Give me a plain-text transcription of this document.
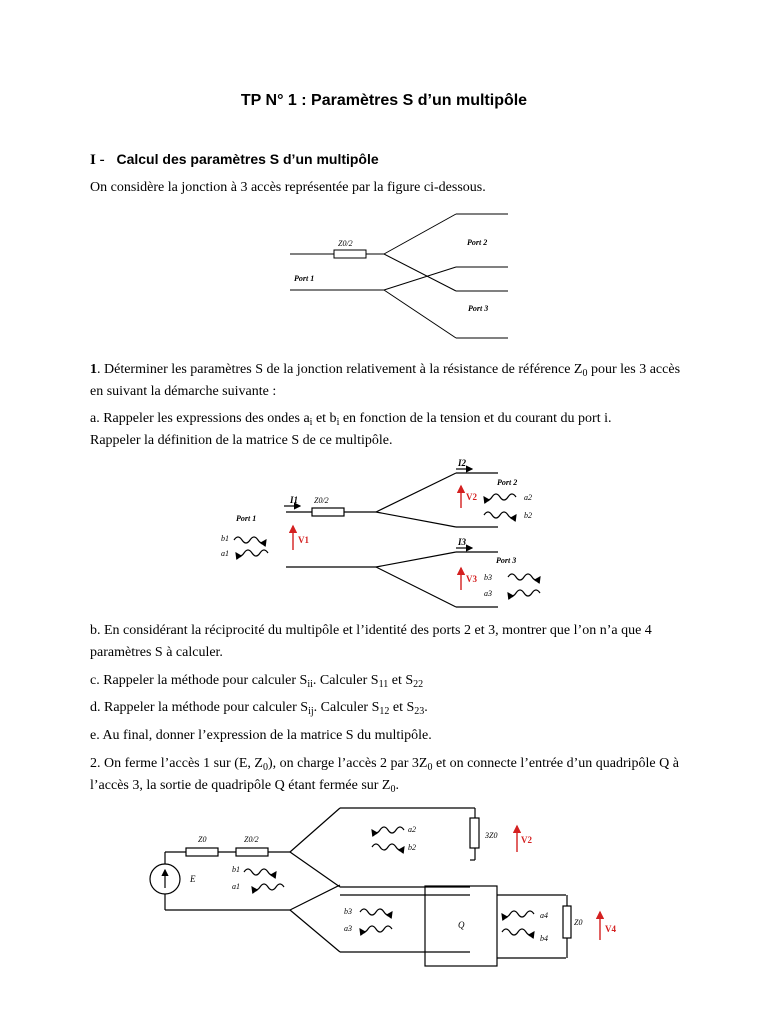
TP N° 1 : Paramètres S d’un multipôle
I - Calcul des paramètres S d’un multipôle
On considère la jonction à 3 accès représentée par la figure ci-dessous.
Z0/2
Port 1
Port 2
Port 3
1. Déterminer les paramètres S de la jonction relativement à la résistance de référence $Z_0$ pour les 3 accès en suivant la démarche suivante :
a. Rappeler les expressions des ondes $a_i$ et $b_i$ en fonction de la tension et du courant du port i.
Rappeler la définition de la matrice S de ce multipôle.
Z0/2
I1
I2
I3
V1
V2
V3
Port 1
Port 2
Port 3
b1
a1
a2
b2
b3
a3
b. En considérant la réciprocité du multipôle et l’identité des ports 2 et 3, montrer que l’on n’a que 4 paramètres S à calculer.
c. Rappeler la méthode pour calculer $S_{ii}$. Calculer $S_{11}$ et $S_{22}$
d. Rappeler la méthode pour calculer $S_{ij}$. Calculer $S_{12}$ et $S_{23}$.
e. Au final, donner l’expression de la matrice S du multipôle.
2. On ferme l’accès 1 sur (E, $Z_0$), on charge l’accès 2 par $3Z_0$ et on connecte l’entrée d’un quadripôle Q à l’accès 3, la sortie de quadripôle Q étant fermée sur $Z_0$.
Z0	Z0/2
E
b1
a1
a2
b2
3Z0	V2
b3
a3	Q
a4
b4
Z0
V4
